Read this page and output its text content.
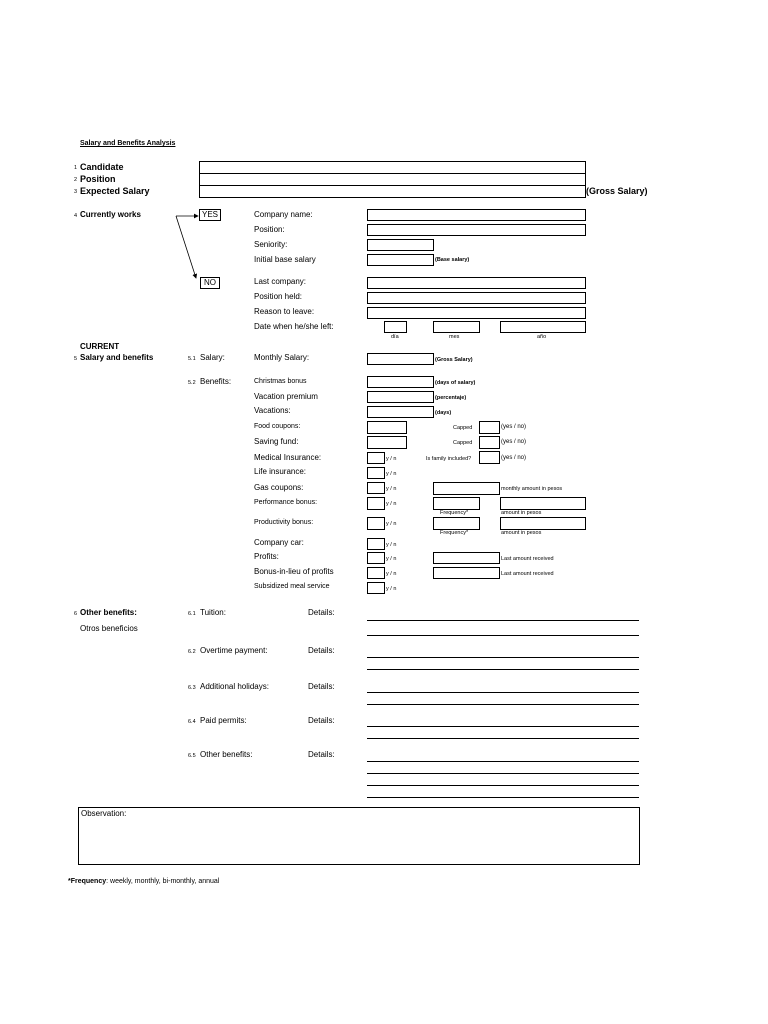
Salary and Benefits Analysis
1 Candidate
2 Position
3 Expected Salary	(Gross Salary)
4 Currently works	YES
NO
Company name:
Position:
Seniority:
Initial base salary	(Base salary)
Last company:
Position held:
Reason to leave:
Date when he/she left:
día	mes	año
CURRENT
5 Salary and benefits	5.1 Salary:	Monthly Salary:	(Gross Salary)
5.2 Benefits:	Christmas bonus	(days of salary)
Vacation premium	(percentaje)
Vacations:	(days)
Food coupons:	Capped	(yes / no)
Saving fund:	Capped	(yes / no)
Medical Insurance:	y / n	Is family included?	(yes / no)
Life insurance:	y / n
Gas coupons:	y / n	monthly amount in pesos
Performance bonus:	y / n
Frequency*	amount in pesos
Productivity bonus:	y / n
Frequency*	amount in pesos
Company car:	y / n
Profits:	y / n	Last amount received
Bonus-in-lieu of profits	y / n	Last amount received
Subsidized meal service	y / n
6 Other benefits:
Otros beneficios
6.1 Tuition:	Details:
6.2 Overtime payment:	Details:
6.3 Additional holidays:	Details:
6.4 Paid permits:	Details:
6.5 Other benefits:	Details:
Observation:
*Frequency: weekly, monthly, bi-monthly, annual
